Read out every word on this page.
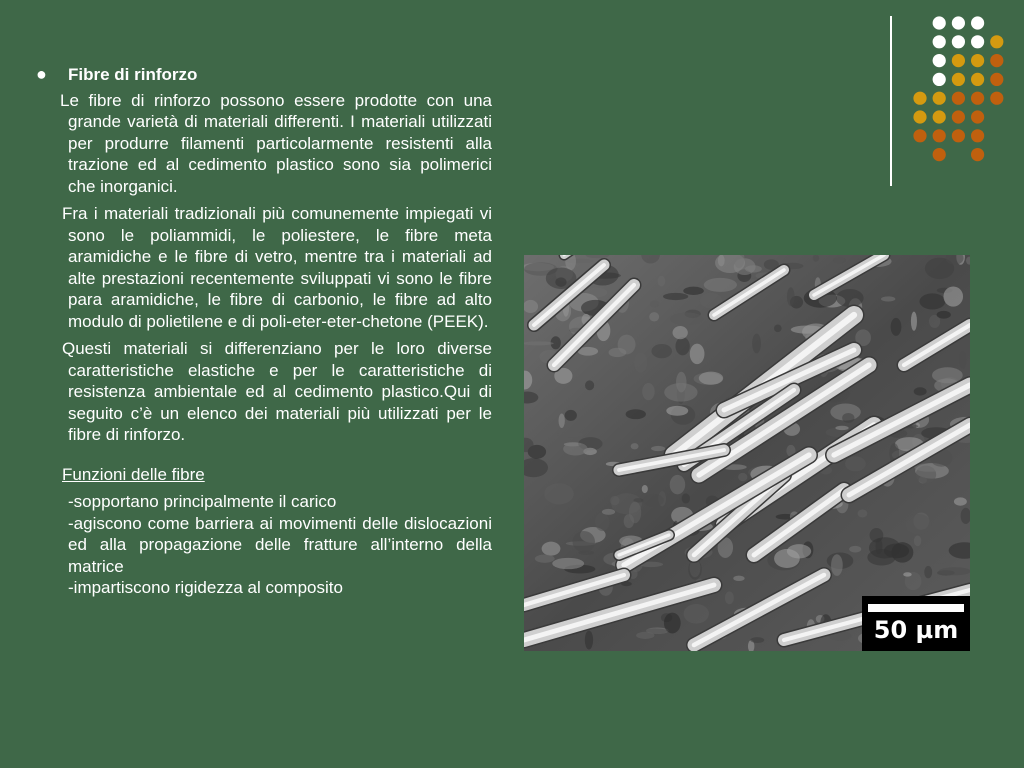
●	Fibre di rinforzo

Le fibre di rinforzo possono essere prodotte con una grande varietà di materiali differenti. I materiali utilizzati per produrre filamenti particolarmente resistenti alla trazione ed al cedimento plastico sono sia polimerici che inorganici.

Fra i materiali tradizionali più comunemente impiegati vi sono le poliammidi, le poliestere, le fibre meta aramidiche e le fibre di vetro, mentre tra i materiali ad alte prestazioni recentemente sviluppati vi sono le fibre para aramidiche, le fibre di carbonio, le fibre ad alto modulo di polietilene e di poli-eter-eter-chetone (PEEK).

Questi materiali si differenziano per le loro diverse caratteristiche elastiche e per le caratteristiche di resistenza ambientale ed al cedimento plastico.Qui di seguito c’è un elenco dei materiali più utilizzati per le fibre di rinforzo.

Funzioni delle fibre
-sopportano principalmente il carico
-agiscono come barriera ai movimenti delle dislocazioni ed alla propagazione delle fratture all’interno della matrice
-impartiscono rigidezza al composito
50 µm
